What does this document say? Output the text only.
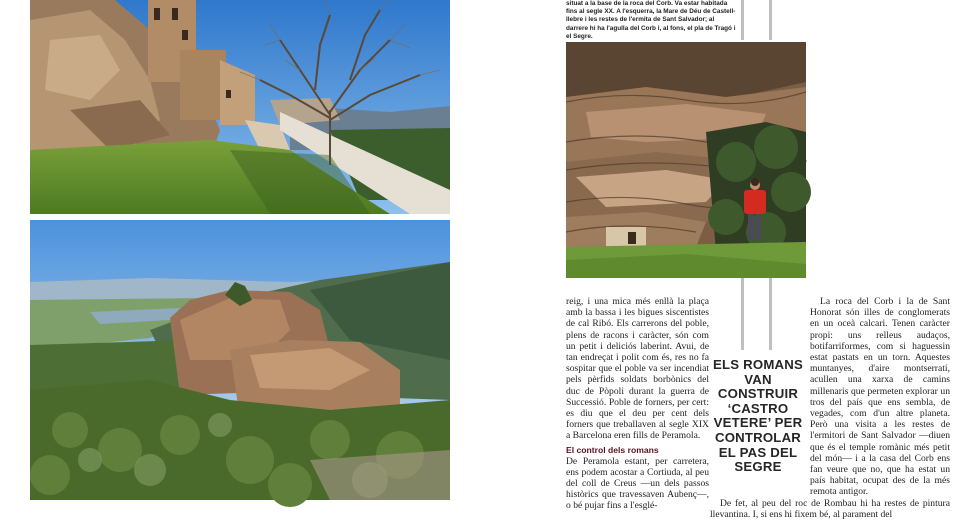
situat a la base de la roca del Corb. Va estar habitada fins al segle XX. A l'esquerra, la Mare de Déu de Castell-llebre i les restes de l'ermita de Sant Salvador; al darrere hi ha l'agulla del Corb i, al fons, el pla de Tragó i el Segre.

reig, i una mica més enllà la plaça amb la bassa i les bigues siscentistes de cal Ribó. Els carrerons del poble, plens de racons i caràcter, són com un petit i deliciós laberint. Avui, de tan endreçat i polit com és, res no fa sospitar que el poble va ser incendiat pels pèrfids soldats borbònics del duc de Pòpoli durant la guerra de Successió. Poble de forners, per cert: es diu que el deu per cent dels forners que treballaven al segle XIX a Barcelona eren fills de Peramola.

El control dels romans

De Peramola estant, per carretera, ens podem acostar a Cortiuda, al peu del coll de Creus —un dels passos històrics que travessaven Aubenç—, o bé pujar fins a l'esglé-

ELS ROMANS VAN CONSTRUIR ‘CASTRO VETERE’ PER CONTROLAR EL PAS DEL SEGRE

La roca del Corb i la de Sant Honorat són illes de conglomerats en un oceà calcari. Tenen caràcter propi: uns relleus audaços, botifarriformes, com si haguessin estat pastats en un torn. Aquestes muntanyes, d'aire montserratí, acullen una xarxa de camins millenaris que permeten explorar un tros del país que ens sembla, de vegades, com d'un altre planeta. Però una visita a les restes de l'ermitori de Sant Salvador —diuen que és el temple romànic més petit del món— i a la casa del Corb ens fan veure que no, que ha estat un país habitat, ocupat des de la més remota antigor.

De fet, al peu del roc de Rombau hi ha restes de pintura llevantina. I, si ens hi fixem bé, al parament del
